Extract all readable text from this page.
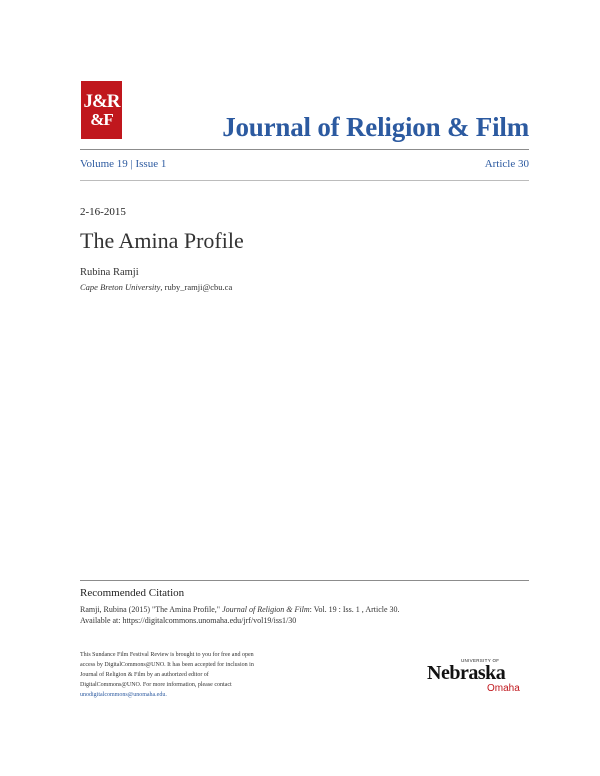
J&R
&F	Journal of Religion & Film
Volume 19 | Issue 1	Article 30
2-16-2015
The Amina Profile
Rubina Ramji
Cape Breton University, ruby_ramji@cbu.ca
Recommended Citation
Ramji, Rubina (2015) "The Amina Profile," Journal of Religion & Film: Vol. 19 : Iss. 1 , Article 30.
Available at: https://digitalcommons.unomaha.edu/jrf/vol19/iss1/30
This Sundance Film Festival Review is brought to you for free and open
access by DigitalCommons@UNO. It has been accepted for inclusion in
Journal of Religion & Film by an authorized editor of
DigitalCommons@UNO. For more information, please contact
unodigitalcommons@unomaha.edu.
UNIVERSITY OF
Nebraska
Omaha
